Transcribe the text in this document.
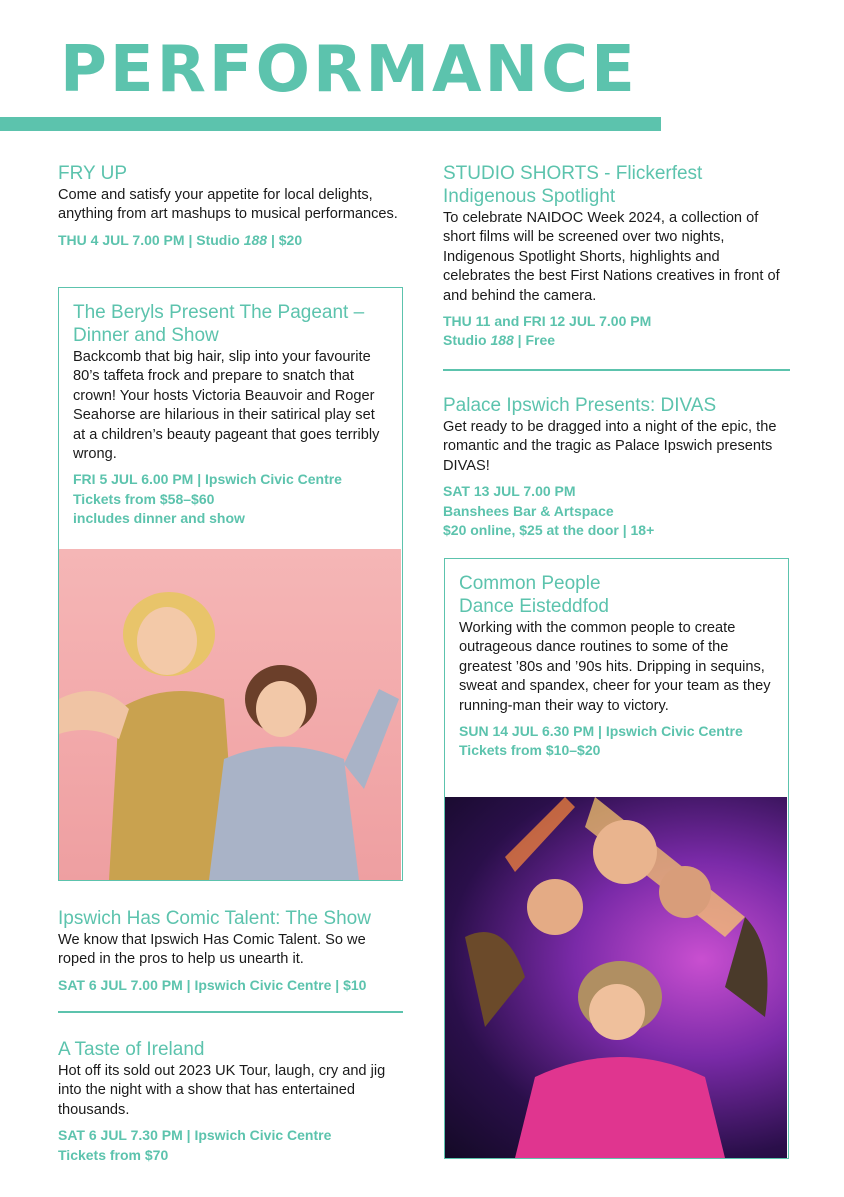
PERFORMANCE
FRY UP
Come and satisfy your appetite for local delights, anything from art mashups to musical performances.
THU 4 JUL 7.00 PM | Studio 188 | $20
The Beryls Present The Pageant – Dinner and Show
Backcomb that big hair, slip into your favourite 80’s taffeta frock and prepare to snatch that crown! Your hosts Victoria Beauvoir and Roger Seahorse are hilarious in their satirical play set at a children’s beauty pageant that goes terribly wrong.
FRI 5 JUL 6.00 PM | Ipswich Civic Centre
Tickets from $58–$60
includes dinner and show
Ipswich Has Comic Talent: The Show
We know that Ipswich Has Comic Talent. So we roped in the pros to help us unearth it.
SAT 6 JUL 7.00 PM | Ipswich Civic Centre | $10
A Taste of Ireland
Hot off its sold out 2023 UK Tour, laugh, cry and jig into the night with a show that has entertained thousands.
SAT 6 JUL 7.30 PM | Ipswich Civic Centre
Tickets from $70
STUDIO SHORTS - Flickerfest Indigenous Spotlight
To celebrate NAIDOC Week 2024, a collection of short films will be screened over two nights, Indigenous Spotlight Shorts, highlights and celebrates the best First Nations creatives in front of and behind the camera.
THU 11 and FRI 12 JUL 7.00 PM
Studio 188 | Free
Palace Ipswich Presents: DIVAS
Get ready to be dragged into a night of the epic, the romantic and the tragic as Palace Ipswich presents DIVAS!
SAT 13 JUL 7.00 PM
Banshees Bar & Artspace
$20 online, $25 at the door | 18+
Common People
Dance Eisteddfod
Working with the common people to create outrageous dance routines to some of the greatest ’80s and ’90s hits. Dripping in sequins, sweat and spandex, cheer for your team as they running-man their way to victory.
SUN 14 JUL 6.30 PM | Ipswich Civic Centre
Tickets from $10–$20
